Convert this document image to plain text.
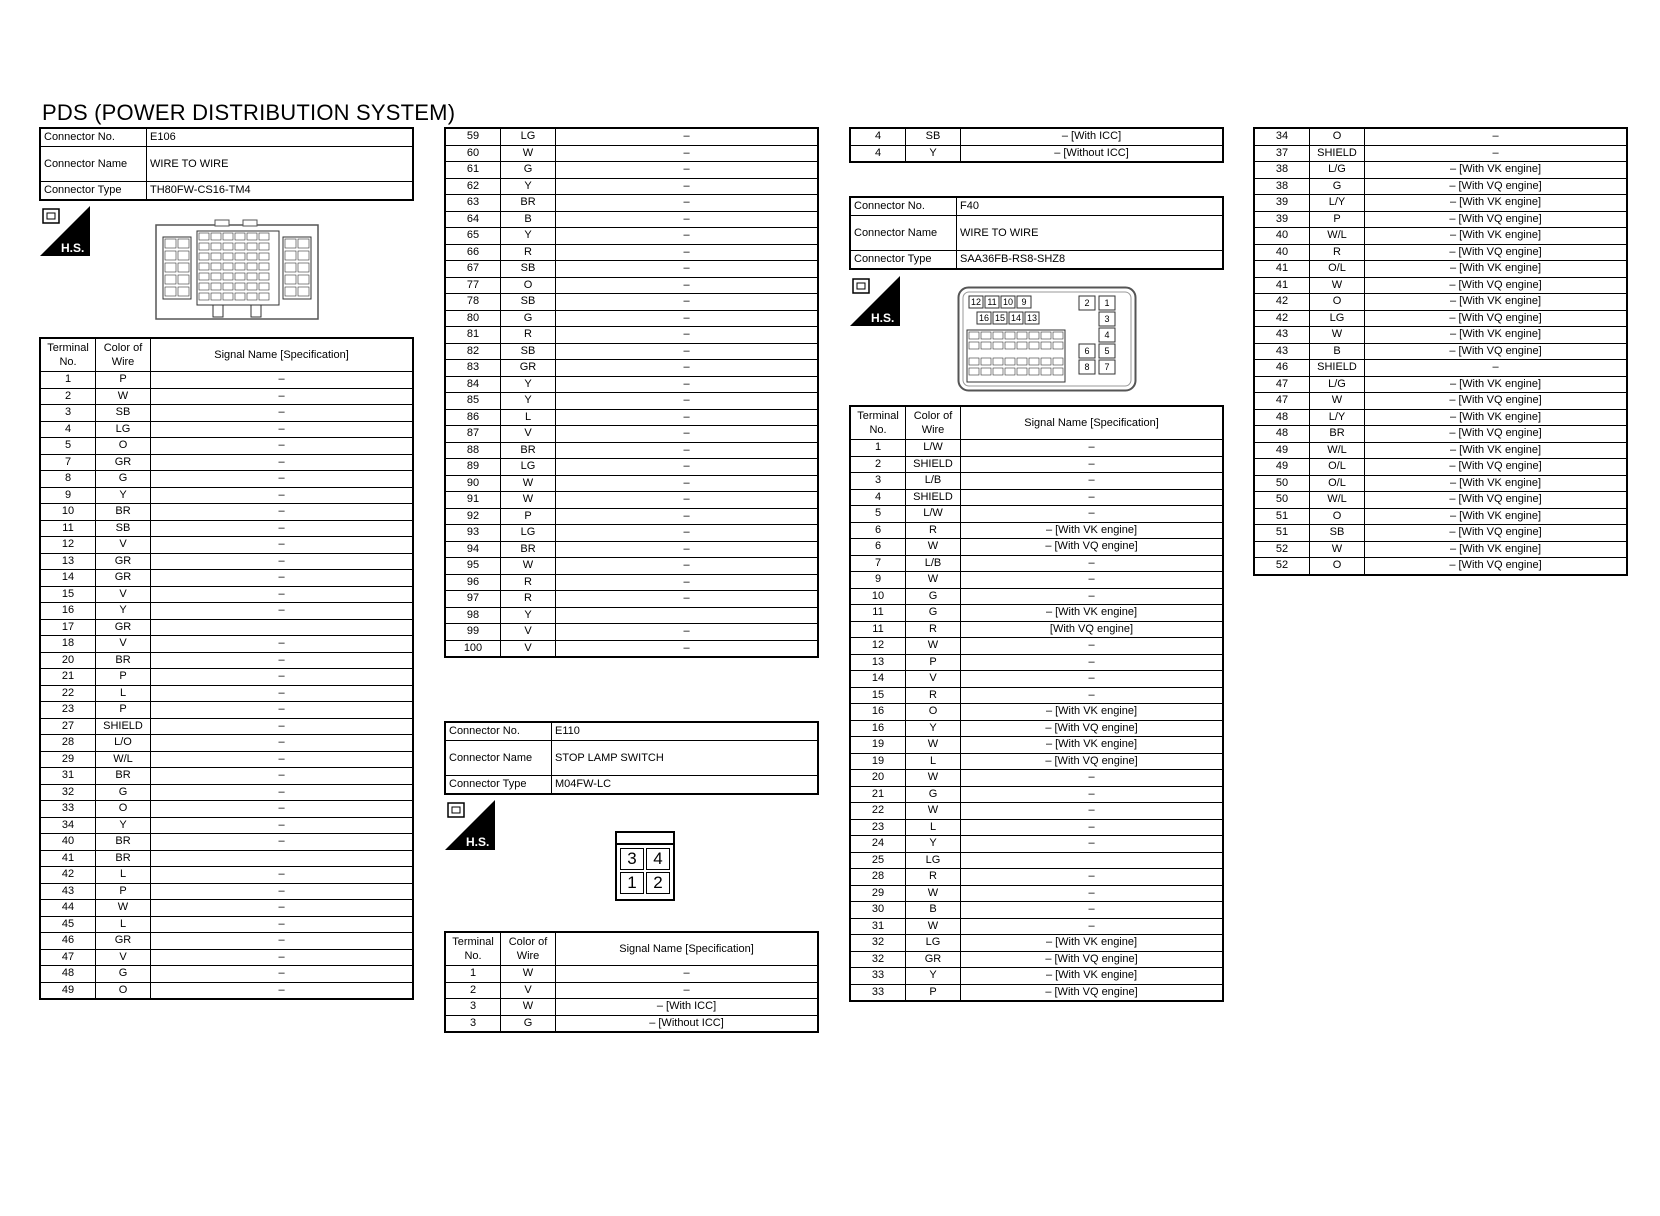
PDS (POWER DISTRIBUTION SYSTEM)
Connector No.	E106
Connector Name	WIRE TO WIRE
Connector Type	TH80FW-CS16-TM4
H.S.
Terminal No.	Color of Wire	Signal Name [Specification]
1	P	–
2	W	–
3	SB	–
4	LG	–
5	O	–
7	GR	–
8	G	–
9	Y	–
10	BR	–
11	SB	–
12	V	–
13	GR	–
14	GR	–
15	V	–
16	Y	–
17	GR	
18	V	–
20	BR	–
21	P	–
22	L	–
23	P	–
27	SHIELD	–
28	L/O	–
29	W/L	–
31	BR	–
32	G	–
33	O	–
34	Y	–
40	BR	–
41	BR	
42	L	–
43	P	–
44	W	–
45	L	–
46	GR	–
47	V	–
48	G	–
49	O	–
59	LG	–
60	W	–
61	G	–
62	Y	–
63	BR	–
64	B	–
65	Y	–
66	R	–
67	SB	–
77	O	–
78	SB	–
80	G	–
81	R	–
82	SB	–
83	GR	–
84	Y	–
85	Y	–
86	L	–
87	V	–
88	BR	–
89	LG	–
90	W	–
91	W	–
92	P	–
93	LG	–
94	BR	–
95	W	–
96	R	–
97	R	–
98	Y	
99	V	–
100	V	–
Connector No.	E110
Connector Name	STOP LAMP SWITCH
Connector Type	M04FW-LC
H.S.
3 4
1 2
Terminal No.	Color of Wire	Signal Name [Specification]
1	W	–
2	V	–
3	W	– [With ICC]
3	G	– [Without ICC]
4	SB	– [With ICC]
4	Y	– [Without ICC]
Connector No.	F40
Connector Name	WIRE TO WIRE
Connector Type	SAA36FB-RS8-SHZ8
H.S.
12 11 10 9
16 15 14 13
2 1
3
4
6 5
8 7
Terminal No.	Color of Wire	Signal Name [Specification]
1	L/W	–
2	SHIELD	–
3	L/B	–
4	SHIELD	–
5	L/W	–
6	R	– [With VK engine]
6	W	– [With VQ engine]
7	L/B	–
9	W	–
10	G	–
11	G	– [With VK engine]
11	R	[With VQ engine]
12	W	–
13	P	–
14	V	–
15	R	–
16	O	– [With VK engine]
16	Y	– [With VQ engine]
19	W	– [With VK engine]
19	L	– [With VQ engine]
20	W	–
21	G	–
22	W	–
23	L	–
24	Y	–
25	LG	
28	R	–
29	W	–
30	B	–
31	W	–
32	LG	– [With VK engine]
32	GR	– [With VQ engine]
33	Y	– [With VK engine]
33	P	– [With VQ engine]
34	O	–
37	SHIELD	–
38	L/G	– [With VK engine]
38	G	– [With VQ engine]
39	L/Y	– [With VK engine]
39	P	– [With VQ engine]
40	W/L	– [With VK engine]
40	R	– [With VQ engine]
41	O/L	– [With VK engine]
41	W	– [With VQ engine]
42	O	– [With VK engine]
42	LG	– [With VQ engine]
43	W	– [With VK engine]
43	B	– [With VQ engine]
46	SHIELD	–
47	L/G	– [With VK engine]
47	W	– [With VQ engine]
48	L/Y	– [With VK engine]
48	BR	– [With VQ engine]
49	W/L	– [With VK engine]
49	O/L	– [With VQ engine]
50	O/L	– [With VK engine]
50	W/L	– [With VQ engine]
51	O	– [With VK engine]
51	SB	– [With VQ engine]
52	W	– [With VK engine]
52	O	– [With VQ engine]
